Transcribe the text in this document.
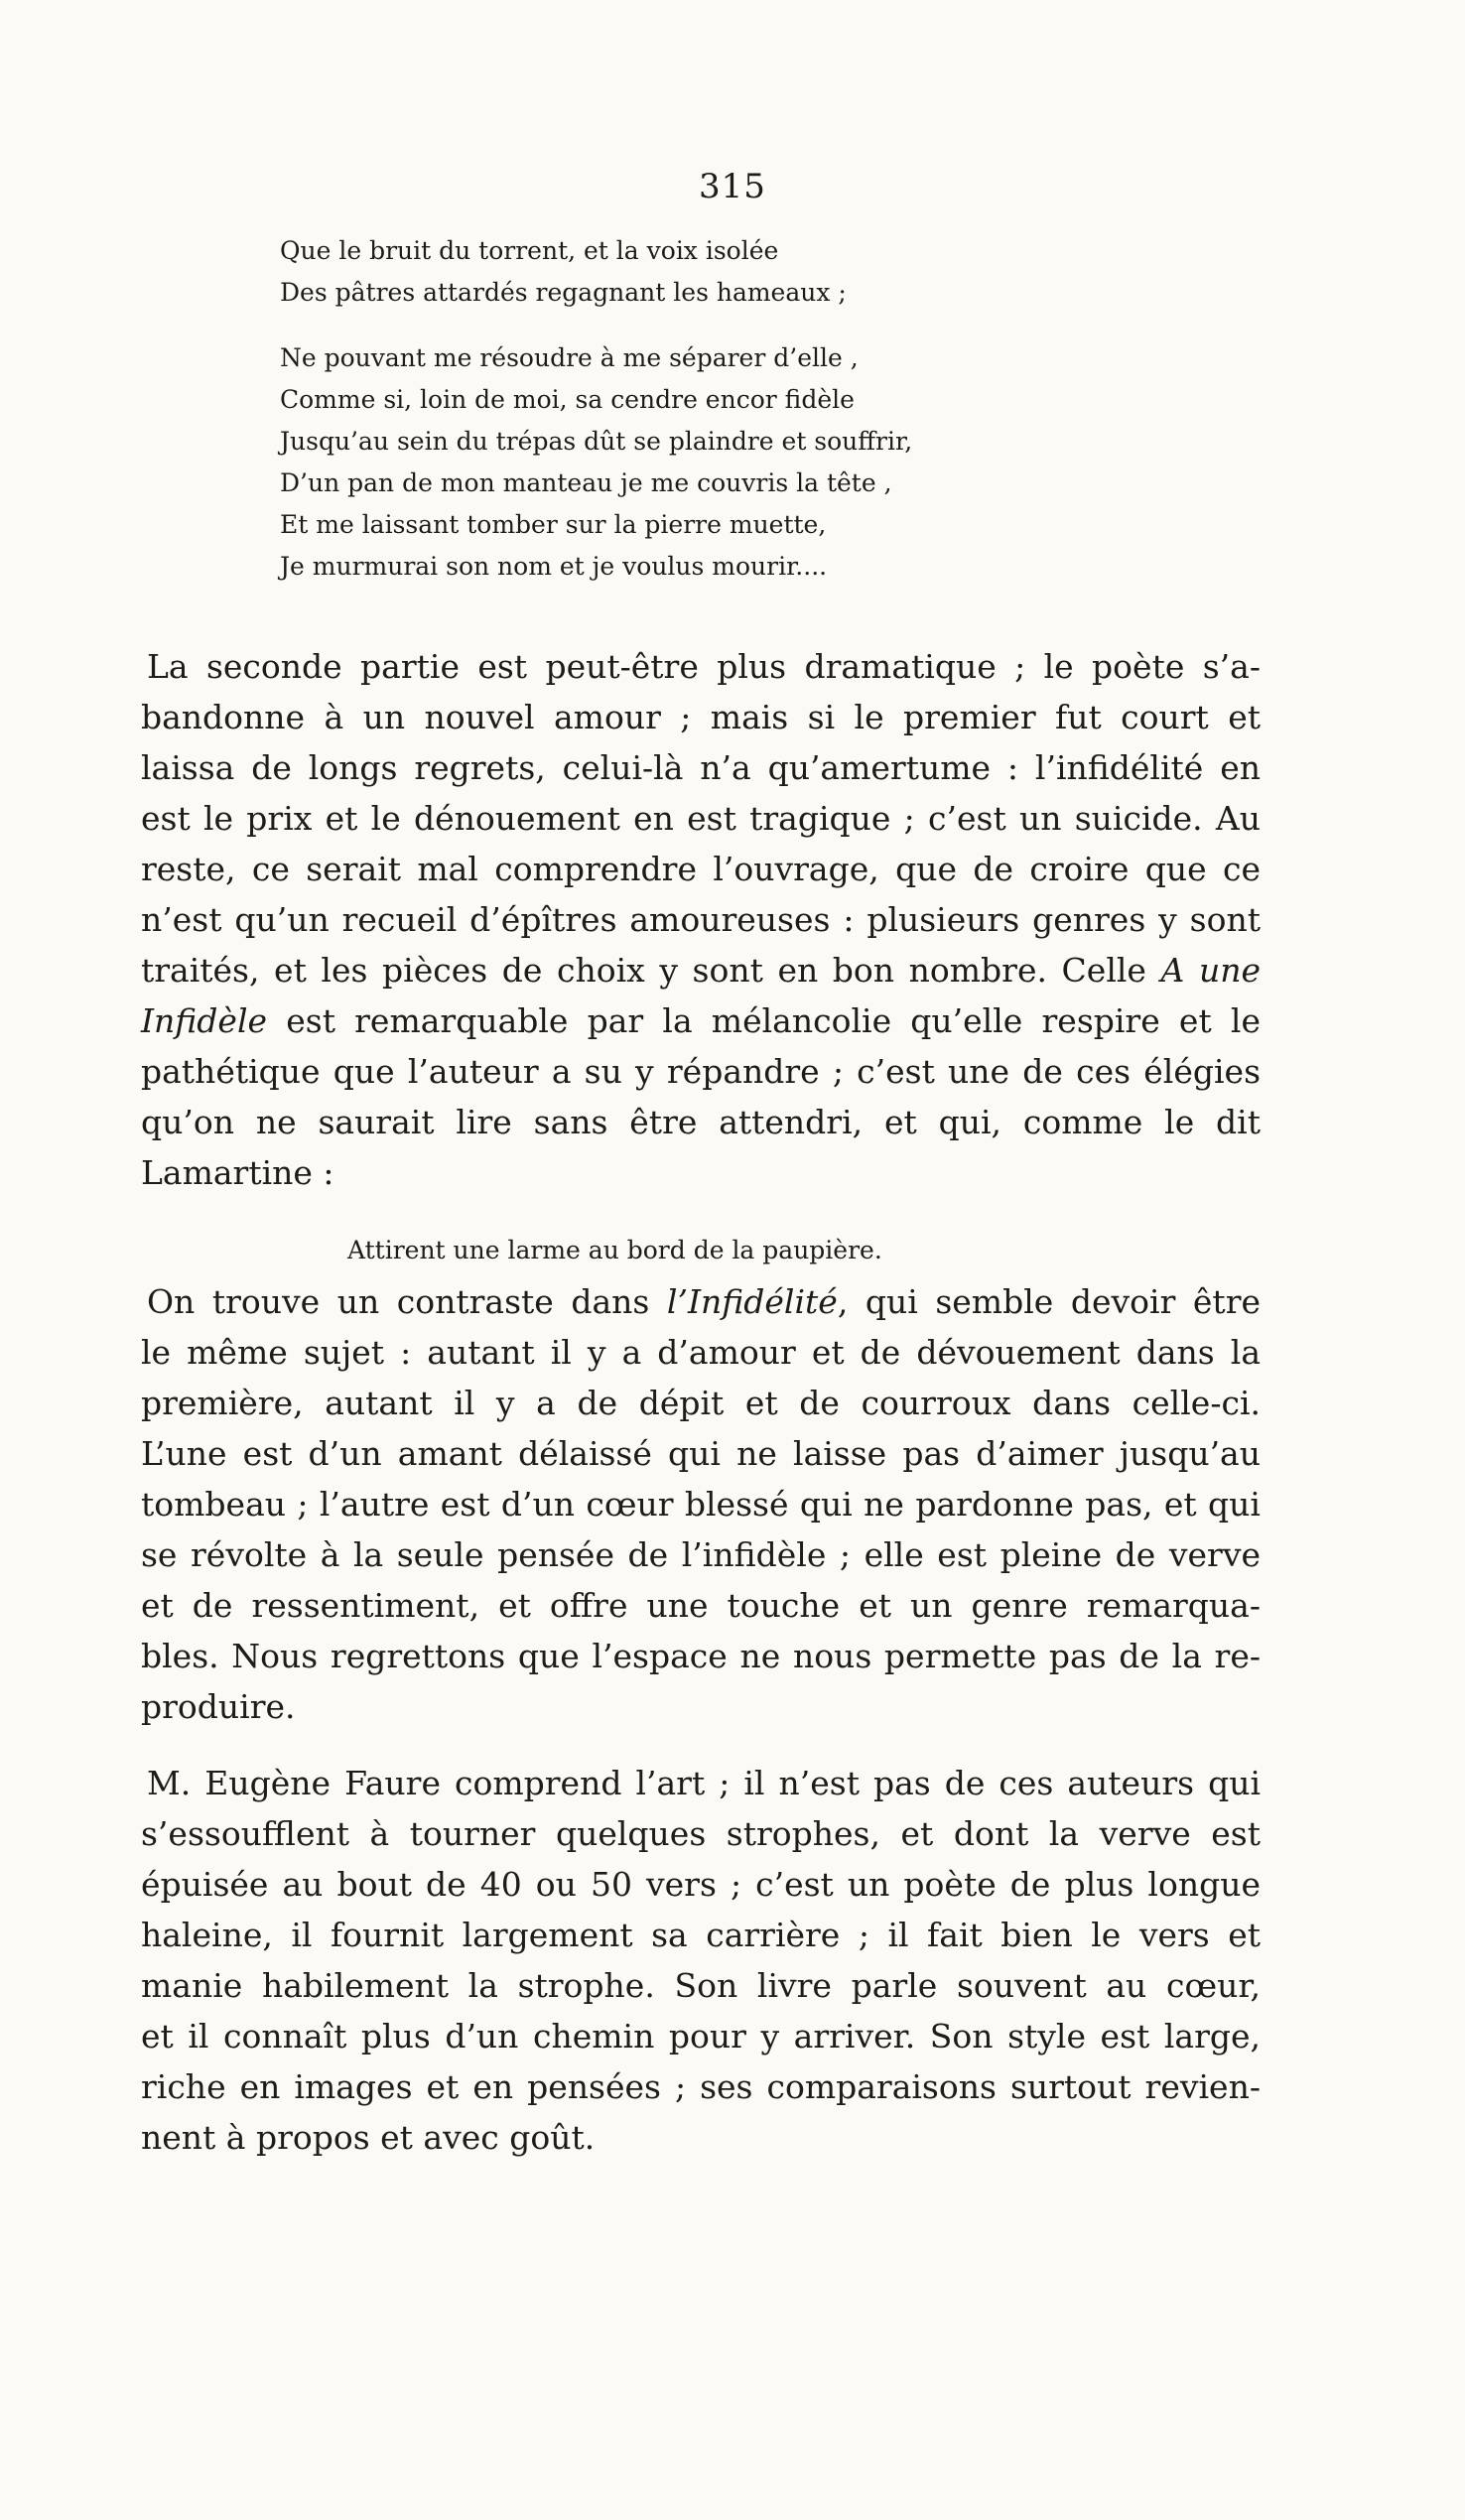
315
Que le bruit du torrent, et la voix isolée
Des pâtres attardés regagnant les hameaux ;
Ne pouvant me résoudre à me séparer d’elle ,
Comme si, loin de moi, sa cendre encor fidèle
Jusqu’au sein du trépas dût se plaindre et souffrir,
D’un pan de mon manteau je me couvris la tête ,
Et me laissant tomber sur la pierre muette,
Je murmurai son nom et je voulus mourir....
La seconde partie est peut-être plus dramatique ; le poète s’a-
bandonne à un nouvel amour ; mais si le premier fut court et
laissa de longs regrets, celui-là n’a qu’amertume : l’infidélité en
est le prix et le dénouement en est tragique ; c’est un suicide. Au
reste, ce serait mal comprendre l’ouvrage, que de croire que ce
n’est qu’un recueil d’épîtres amoureuses : plusieurs genres y sont
traités, et les pièces de choix y sont en bon nombre. Celle A une
Infidèle est remarquable par la mélancolie qu’elle respire et le
pathétique que l’auteur a su y répandre ; c’est une de ces élégies
qu’on ne saurait lire sans être attendri, et qui, comme le dit
Lamartine :
Attirent une larme au bord de la paupière.
On trouve un contraste dans l’Infidélité, qui semble devoir être
le même sujet : autant il y a d’amour et de dévouement dans la
première, autant il y a de dépit et de courroux dans celle-ci.
L’une est d’un amant délaissé qui ne laisse pas d’aimer jusqu’au
tombeau ; l’autre est d’un cœur blessé qui ne pardonne pas, et qui
se révolte à la seule pensée de l’infidèle ; elle est pleine de verve
et de ressentiment, et offre une touche et un genre remarqua-
bles. Nous regrettons que l’espace ne nous permette pas de la re-
produire.
M. Eugène Faure comprend l’art ; il n’est pas de ces auteurs qui
s’essoufflent à tourner quelques strophes, et dont la verve est
épuisée au bout de 40 ou 50 vers ; c’est un poète de plus longue
haleine, il fournit largement sa carrière ; il fait bien le vers et
manie habilement la strophe. Son livre parle souvent au cœur,
et il connaît plus d’un chemin pour y arriver. Son style est large,
riche en images et en pensées ; ses comparaisons surtout revien-
nent à propos et avec goût.
